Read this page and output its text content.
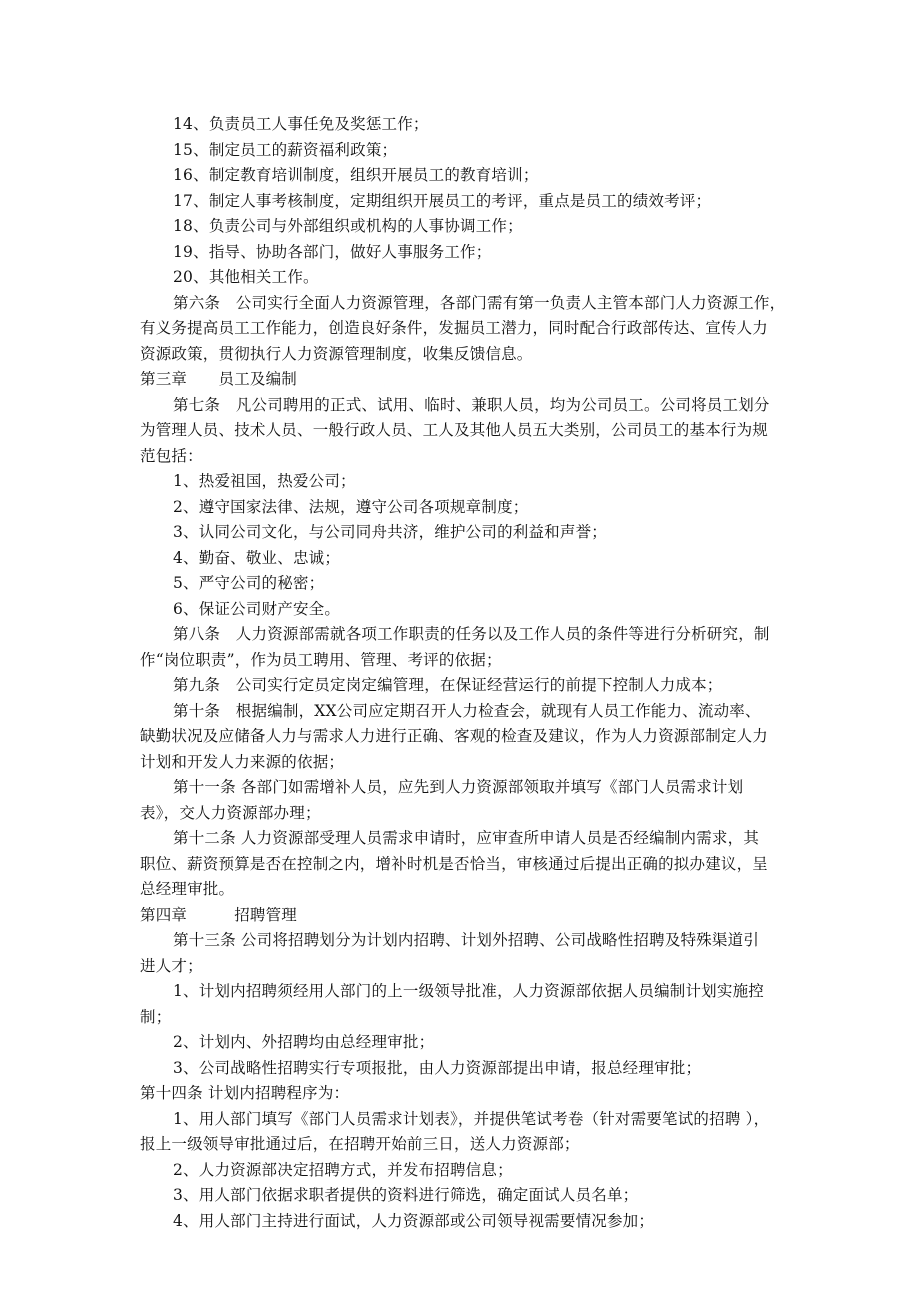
14、负责员工人事任免及奖惩工作；
15、制定员工的薪资福利政策；
16、制定教育培训制度，组织开展员工的教育培训；
17、制定人事考核制度，定期组织开展员工的考评，重点是员工的绩效考评；
18、负责公司与外部组织或机构的人事协调工作；
19、指导、协助各部门，做好人事服务工作；
20、其他相关工作。
第六条　公司实行全面人力资源管理，各部门需有第一负责人主管本部门人力资源工作，
有义务提高员工工作能力，创造良好条件，发掘员工潜力，同时配合行政部传达、宣传人力
资源政策，贯彻执行人力资源管理制度，收集反馈信息。
第三章　　员工及编制
第七条　凡公司聘用的正式、试用、临时、兼职人员，均为公司员工。公司将员工划分
为管理人员、技术人员、一般行政人员、工人及其他人员五大类别，公司员工的基本行为规
范包括：
1、热爱祖国，热爱公司；
2、遵守国家法律、法规，遵守公司各项规章制度；
3、认同公司文化，与公司同舟共济，维护公司的利益和声誉；
4、勤奋、敬业、忠诚；
5、严守公司的秘密；
6、保证公司财产安全。
第八条　人力资源部需就各项工作职责的任务以及工作人员的条件等进行分析研究，制
作“岗位职责”，作为员工聘用、管理、考评的依据；
第九条　公司实行定员定岗定编管理，在保证经营运行的前提下控制人力成本；
第十条　根据编制，XX公司应定期召开人力检查会，就现有人员工作能力、流动率、
缺勤状况及应储备人力与需求人力进行正确、客观的检查及建议，作为人力资源部制定人力
计划和开发人力来源的依据；
第十一条 各部门如需增补人员，应先到人力资源部领取并填写《部门人员需求计划
表》，交人力资源部办理；
第十二条 人力资源部受理人员需求申请时，应审查所申请人员是否经编制内需求，其
职位、薪资预算是否在控制之内，增补时机是否恰当，审核通过后提出正确的拟办建议，呈
总经理审批。
第四章　　　招聘管理
第十三条 公司将招聘划分为计划内招聘、计划外招聘、公司战略性招聘及特殊渠道引
进人才；
1、计划内招聘须经用人部门的上一级领导批准，人力资源部依据人员编制计划实施控
制；
2、计划内、外招聘均由总经理审批；
3、公司战略性招聘实行专项报批，由人力资源部提出申请，报总经理审批；
第十四条 计划内招聘程序为：
1、用人部门填写《部门人员需求计划表》，并提供笔试考卷（针对需要笔试的招聘 ），
报上一级领导审批通过后，在招聘开始前三日，送人力资源部；
2、人力资源部决定招聘方式，并发布招聘信息；
3、用人部门依据求职者提供的资料进行筛选，确定面试人员名单；
4、用人部门主持进行面试，人力资源部或公司领导视需要情况参加；
